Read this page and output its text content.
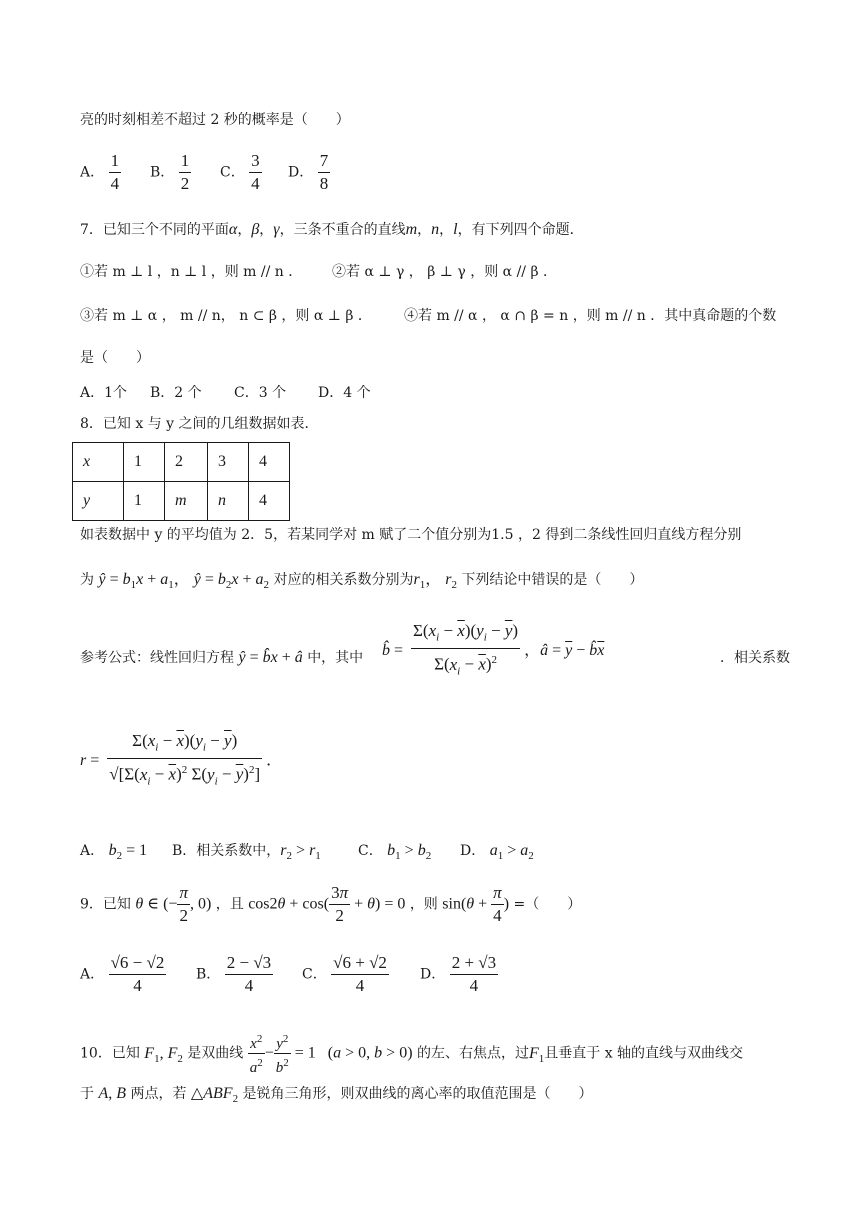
亮的时刻相差不超过 2 秒的概率是（　　）
A． $\frac{1}{4}$ B． $\frac{1}{2}$ C． $\frac{3}{4}$ D． $\frac{7}{8}$
7．已知三个不同的平面α，β，γ，三条不重合的直线m，n，l，有下列四个命题．
①若 m ⊥ l ，n ⊥ l ，则 m // n ． ②若 α ⊥ γ ， β ⊥ γ ，则 α // β ．
③若 m ⊥ α ， m // n， n ⊂ β ，则 α ⊥ β ． ④若 m // α ， α ∩ β = n ，则 m // n ．其中真命题的个数
是（　　）
A．1个 B．2 个 C．3 个 D．4 个
8．已知 x 与 y 之间的几组数据如表．
x	1	2	3	4
y	1	m	n	4
如表数据中 y 的平均值为 2．5，若某同学对 m 赋了二个值分别为1.5 ，2 得到二条线性回归直线方程分别
为 ŷ = $b_1x + a_1$， ŷ = $b_2x + a_2$ 对应的相关系数分别为$r_1$， $r_2$ 下列结论中错误的是（　　）
参考公式：线性回归方程 ŷ = b̂x + â 中，其中 b̂ = $\frac{\Sigma(x_i - \overline{x})(y_i - \overline{y})}{\Sigma(x_i - \overline{x})^2}$ ，â = $\overline{y}$ − $b̂\overline{x}$	．相关系数
$r = \frac{\Sigma(x_i - \overline{x})(y_i - \overline{y})}{√[\Sigma(x_i - \overline{x})^2 \Sigma(y_i - \overline{y})^2]}$ ．
A． $b_2 = 1$ B．相关系数中，$r_2 > r_1$	C． $b_1 > b_2$ D． $a_1 > a_2$
9．已知 θ ∈ (− $\frac{\pi}{2}$ , 0) ，且 $\cos 2\theta + \cos( \frac{3\pi}{2} + \theta) = 0$ ，则 $\sin(\theta + \frac{\pi}{4}$ ) =（　　）
A． $\frac{√6 - √2}{4}$ B． $\frac{2 - √3}{4}$ C． $\frac{√6 + √2}{4}$ D． $\frac{2 + √3}{4}$
10．已知 $F_1$, $F_2$ 是双曲线 $\frac{x^2}{a^2} - \frac{y^2}{b^2} = 1$   (a > 0, b > 0) 的左、右焦点，过$F_1$且垂直于 x 轴的直线与双曲线交
于 A, B 两点，若 $\triangle ABF_2$ 是锐角三角形，则双曲线的离心率的取值范围是（　　）
